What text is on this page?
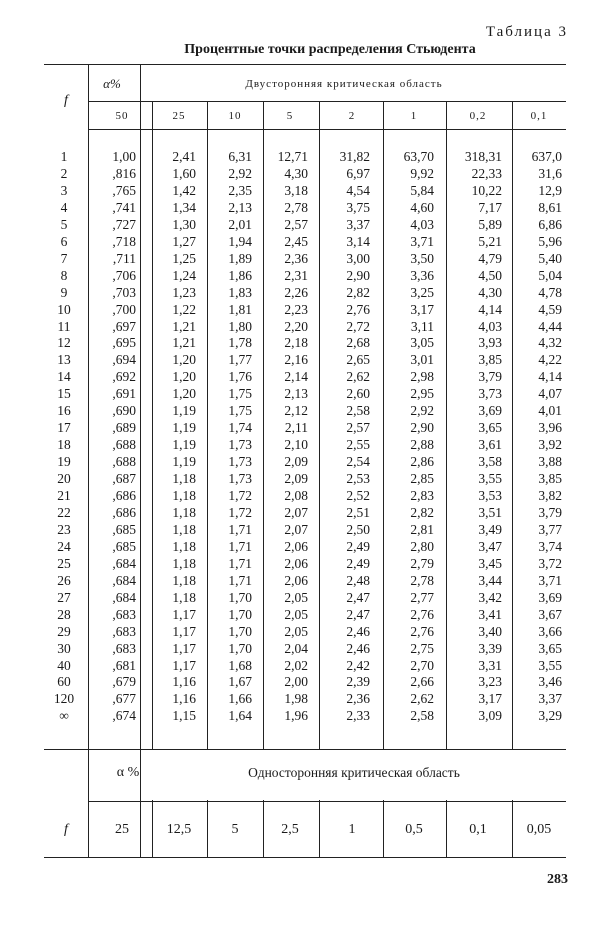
Таблица 3
Процентные точки распределения Стьюдента
f
α%	Двусторонняя критическая область
50	25	10	5	2	1	0,2	0,1
1	1,00	2,41 6,31 12,71 31,82 63,70 318,31 637,0
2	,816	1,60 2,92 4,30	6,97	9,92	22,33	31,6
3	,765	1,42 2,35 3,18	4,54	5,84	10,22	12,9
4	,741	1,34 2,13 2,78	3,75	4,60	7,17	8,61
5	,727	1,30 2,01 2,57	3,37	4,03	5,89	6,86
6	,718	1,27 1,94 2,45	3,14	3,71	5,21	5,96
7	,711	1,25 1,89 2,36	3,00	3,50	4,79	5,40
8	,706	1,24 1,86 2,31	2,90	3,36	4,50	5,04
9	,703	1,23 1,83 2,26	2,82	3,25	4,30	4,78
10	,700	1,22 1,81 2,23	2,76	3,17	4,14	4,59
11	,697	1,21 1,80 2,20	2,72	3,11	4,03	4,44
12	,695	1,21 1,78 2,18	2,68	3,05	3,93	4,32
13	,694	1,20 1,77 2,16	2,65	3,01	3,85	4,22
14	,692	1,20 1,76 2,14	2,62	2,98	3,79	4,14
15	,691	1,20 1,75 2,13	2,60	2,95	3,73	4,07
16	,690	1,19 1,75 2,12	2,58	2,92	3,69	4,01
17	,689	1,19 1,74 2,11	2,57	2,90	3,65	3,96
18	,688	1,19 1,73 2,10	2,55	2,88	3,61	3,92
19	,688	1,19 1,73 2,09	2,54	2,86	3,58	3,88
20	,687	1,18 1,73 2,09	2,53	2,85	3,55	3,85
21	,686	1,18 1,72 2,08	2,52	2,83	3,53	3,82
22	,686	1,18 1,72 2,07	2,51	2,82	3,51	3,79
23	,685	1,18 1,71 2,07	2,50	2,81	3,49	3,77
24	,685	1,18 1,71 2,06	2,49	2,80	3,47	3,74
25	,684	1,18 1,71 2,06	2,49	2,79	3,45	3,72
26	,684	1,18 1,71 2,06	2,48	2,78	3,44	3,71
27	,684	1,18 1,70 2,05	2,47	2,77	3,42	3,69
28	,683	1,17 1,70 2,05	2,47	2,76	3,41	3,67
29	,683	1,17 1,70 2,05	2,46	2,76	3,40	3,66
30	,683	1,17 1,70 2,04	2,46	2,75	3,39	3,65
40	,681	1,17 1,68 2,02	2,42	2,70	3,31	3,55
60	,679	1,16 1,67 2,00	2,39	2,66	3,23	3,46
120	,677	1,16 1,66 1,98	2,36	2,62	3,17	3,37
∞	,674	1,15 1,64 1,96	2,33	2,58	3,09	3,29
f	25	12,5	5	2,5	1	0,5	0,1	0,05
α %	Односторонняя критическая область
283
